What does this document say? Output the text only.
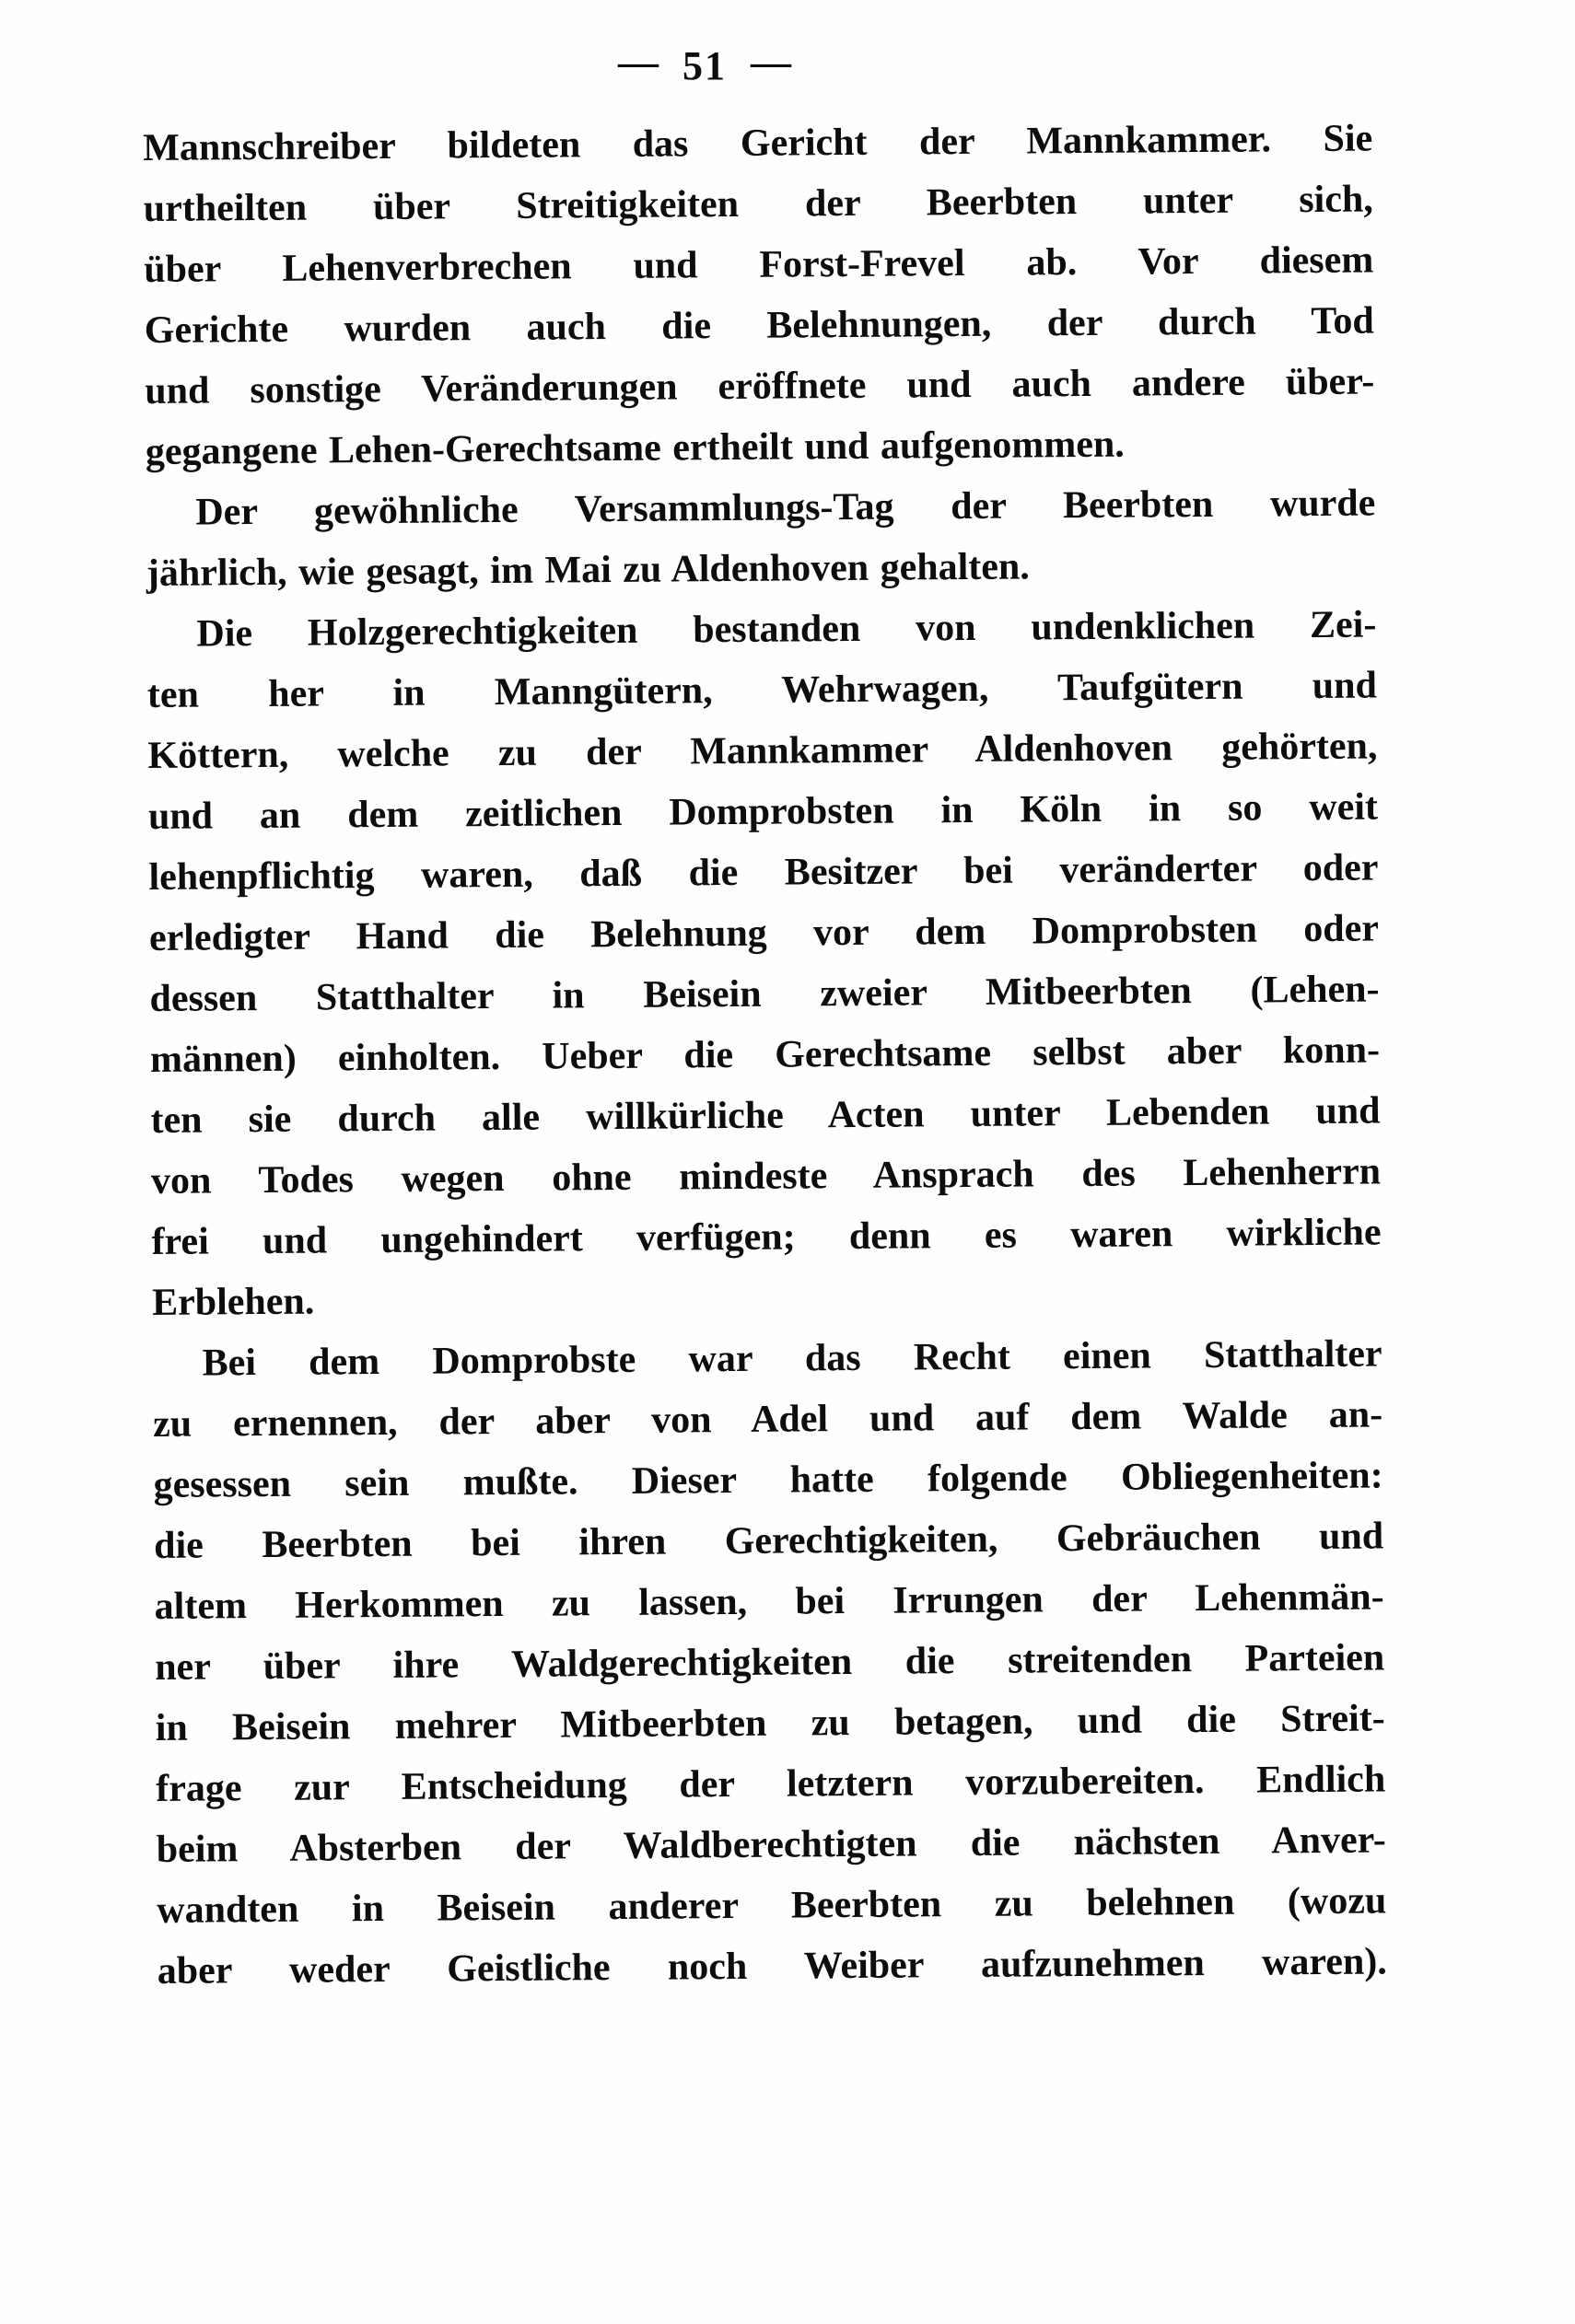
— 51 —
Mannschreiber bildeten das Gericht der Mannkammer. Sie
urtheilten über Streitigkeiten der Beerbten unter sich,
über Lehenverbrechen und Forst-Frevel ab. Vor diesem
Gerichte wurden auch die Belehnungen, der durch Tod
und sonstige Veränderungen eröffnete und auch andere über-
gegangene Lehen-Gerechtsame ertheilt und aufgenommen.
Der gewöhnliche Versammlungs-Tag der Beerbten wurde
jährlich, wie gesagt, im Mai zu Aldenhoven gehalten.
Die Holzgerechtigkeiten bestanden von undenklichen Zei-
ten her in Manngütern, Wehrwagen, Taufgütern und
Köttern, welche zu der Mannkammer Aldenhoven gehörten,
und an dem zeitlichen Domprobsten in Köln in so weit
lehenpflichtig waren, daß die Besitzer bei veränderter oder
erledigter Hand die Belehnung vor dem Domprobsten oder
dessen Statthalter in Beisein zweier Mitbeerbten (Lehen-
männen) einholten. Ueber die Gerechtsame selbst aber konn-
ten sie durch alle willkürliche Acten unter Lebenden und
von Todes wegen ohne mindeste Ansprach des Lehenherrn
frei und ungehindert verfügen; denn es waren wirkliche
Erblehen.
Bei dem Domprobste war das Recht einen Statthalter
zu ernennen, der aber von Adel und auf dem Walde an-
gesessen sein mußte. Dieser hatte folgende Obliegenheiten:
die Beerbten bei ihren Gerechtigkeiten, Gebräuchen und
altem Herkommen zu lassen, bei Irrungen der Lehenmän-
ner über ihre Waldgerechtigkeiten die streitenden Parteien
in Beisein mehrer Mitbeerbten zu betagen, und die Streit-
frage zur Entscheidung der letztern vorzubereiten. Endlich
beim Absterben der Waldberechtigten die nächsten Anver-
wandten in Beisein anderer Beerbten zu belehnen (wozu
aber weder Geistliche noch Weiber aufzunehmen waren).
